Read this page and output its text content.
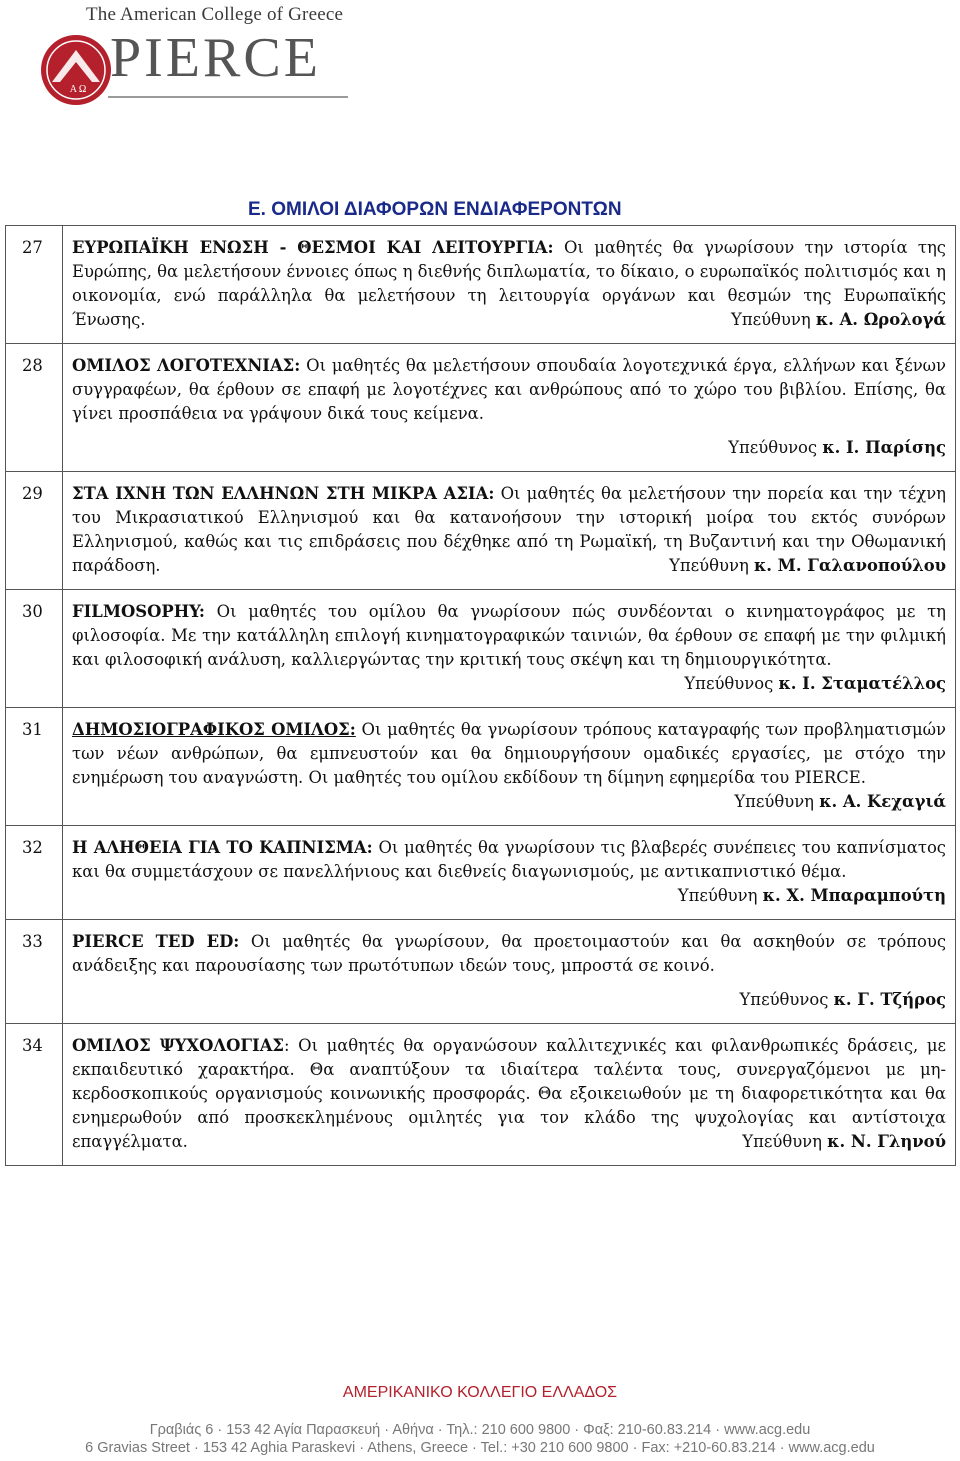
The American College of Greece
Α Ω
PIERCE
Ε. ΟΜΙΛΟΙ ΔΙΑΦΟΡΩΝ ΕΝΔΙΑΦΕΡΟΝΤΩΝ
27	ΕΥΡΩΠΑΪΚΗ ΕΝΩΣΗ - ΘΕΣΜΟΙ ΚΑΙ ΛΕΙΤΟΥΡΓΙΑ: Οι μαθητές θα γνωρίσουν την ιστορία της Ευρώπης, θα μελετήσουν έννοιες όπως η διεθνής διπλωματία, το δίκαιο, ο ευρωπαϊκός πολιτισμός και η οικονομία, ενώ παράλληλα θα μελετήσουν τη λειτουργία οργάνων και θεσμών της Ευρωπαϊκής Ένωσης. Υπεύθυνη κ. Α. Ωρολογά

28	ΟΜΙΛΟΣ ΛΟΓΟΤΕΧΝΙΑΣ: Οι μαθητές θα μελετήσουν σπουδαία λογοτεχνικά έργα, ελλήνων και ξένων συγγραφέων, θα έρθουν σε επαφή με λογοτέχνες και ανθρώπους από το χώρο του βιβλίου. Επίσης, θα γίνει προσπάθεια να γράψουν δικά τους κείμενα.
Υπεύθυνος κ. Ι. Παρίσης

29	ΣΤΑ ΙΧΝΗ ΤΩΝ ΕΛΛΗΝΩΝ ΣΤΗ ΜΙΚΡΑ ΑΣΙΑ: Οι μαθητές θα μελετήσουν την πορεία και την τέχνη του Μικρασιατικού Ελληνισμού και θα κατανοήσουν την ιστορική μοίρα του εκτός συνόρων Ελληνισμού, καθώς και τις επιδράσεις που δέχθηκε από τη Ρωμαϊκή, τη Βυζαντινή και την Οθωμανική παράδοση. Υπεύθυνη κ. Μ. Γαλανοπούλου

30	FILMOSOPHY: Οι μαθητές του ομίλου θα γνωρίσουν πώς συνδέονται ο κινηματογράφος με τη φιλοσοφία. Με την κατάλληλη επιλογή κινηματογραφικών ταινιών, θα έρθουν σε επαφή με την φιλμική και φιλοσοφική ανάλυση, καλλιεργώντας την κριτική τους σκέψη και τη δημιουργικότητα.
Υπεύθυνος κ. Ι. Σταματέλλος

31	ΔΗΜΟΣΙΟΓΡΑΦΙΚΟΣ ΟΜΙΛΟΣ: Οι μαθητές θα γνωρίσουν τρόπους καταγραφής των προβληματισμών των νέων ανθρώπων, θα εμπνευστούν και θα δημιουργήσουν ομαδικές εργασίες, με στόχο την ενημέρωση του αναγνώστη. Οι μαθητές του ομίλου εκδίδουν τη δίμηνη εφημερίδα του PIERCE.
Υπεύθυνη κ. Α. Κεχαγιά

32	Η ΑΛΗΘΕΙΑ ΓΙΑ ΤΟ ΚΑΠΝΙΣΜΑ: Οι μαθητές θα γνωρίσουν τις βλαβερές συνέπειες του καπνίσματος και θα συμμετάσχουν σε πανελλήνιους και διεθνείς διαγωνισμούς, με αντικαπνιστικό θέμα.
Υπεύθυνη κ. Χ. Μπαραμπούτη

33	PIERCE TED ED: Οι μαθητές θα γνωρίσουν, θα προετοιμαστούν και θα ασκηθούν σε τρόπους ανάδειξης και παρουσίασης των πρωτότυπων ιδεών τους, μπροστά σε κοινό.
Υπεύθυνος κ. Γ. Τζήρος

34	ΟΜΙΛΟΣ ΨΥΧΟΛΟΓΙΑΣ: Οι μαθητές θα οργανώσουν καλλιτεχνικές και φιλανθρωπικές δράσεις, με εκπαιδευτικό χαρακτήρα. Θα αναπτύξουν τα ιδιαίτερα ταλέντα τους, συνεργαζόμενοι με μη-κερδοσκοπικούς οργανισμούς κοινωνικής προσφοράς. Θα εξοικειωθούν με τη διαφορετικότητα και θα ενημερωθούν από προσκεκλημένους ομιλητές για τον κλάδο της ψυχολογίας και αντίστοιχα επαγγέλματα. Υπεύθυνη κ. Ν. Γληνού
ΑΜΕΡΙΚΑΝΙΚΟ ΚΟΛΛΕΓΙΟ ΕΛΛΑΔΟΣ
Γραβιάς 6 · 153 42 Αγία Παρασκευή · Αθήνα · Τηλ.: 210 600 9800 · Φαξ: 210-60.83.214 · www.acg.edu
6 Gravias Street · 153 42 Aghia Paraskevi · Athens, Greece · Tel.: +30 210 600 9800 · Fax: +210-60.83.214 · www.acg.edu
